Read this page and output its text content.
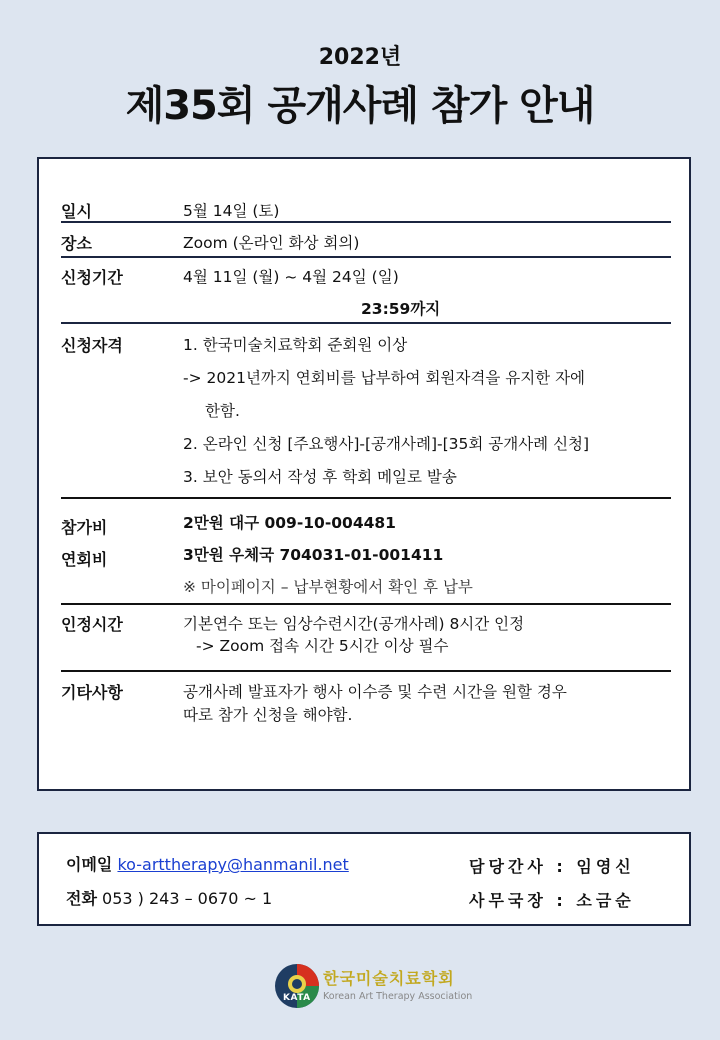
2022년
제35회 공개사례 참가 안내
일시	5월 14일 (토)
장소	Zoom (온라인 화상 회의)
신청기간	4월 11일 (월) ~ 4월 24일 (일)
23:59까지
신청자격	1. 한국미술치료학회 준회원 이상
-> 2021년까지 연회비를 납부하여 회원자격을 유지한 자에
한함.
2. 온라인 신청 [주요행사]-[공개사례]-[35회 공개사례 신청]
3. 보안 동의서 작성 후 학회 메일로 발송
참가비	2만원 대구 009-10-004481
연회비	3만원 우체국 704031-01-001411
※ 마이페이지 – 납부현황에서 확인 후 납부
인정시간	기본연수 또는 임상수련시간(공개사례) 8시간 인정
-> Zoom 접속 시간 5시간 이상 필수
기타사항	공개사례 발표자가 행사 이수증 및 수련 시간을 원할 경우
따로 참가 신청을 해야함.
이메일 ko-arttherapy@hanmanil.net
전화 053 ) 243 – 0670 ~ 1
담당간사 : 임영신
사무국장 : 소금순
KATA
한국미술치료학회
Korean Art Therapy Association
